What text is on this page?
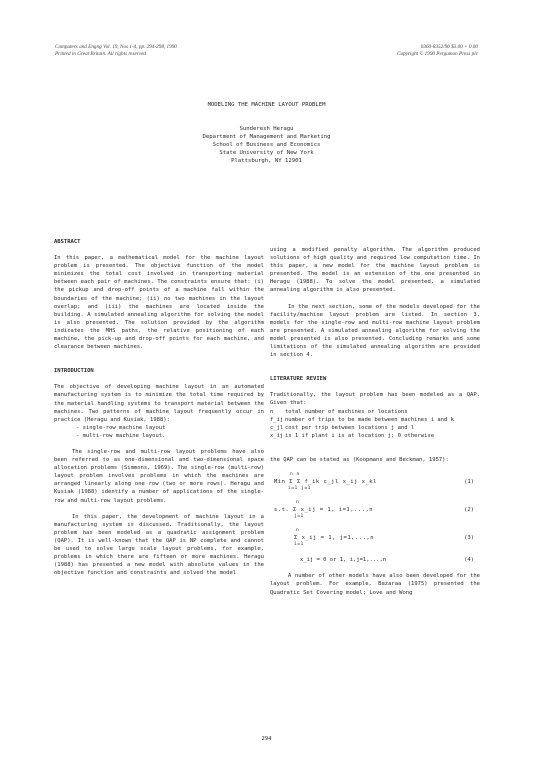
Computers and Engng Vol. 19, Nos 1-4, pp. 294-298, 1990
Printed in Great Britain. All rights reserved
0360-8352/90 $3.00 + 0.00
Copyright © 1990 Pergamon Press plc
MODELING THE MACHINE LAYOUT PROBLEM
Sunderesh Heragu
Department of Management and Marketing
School of Business and Economics
State University of New York
Plattsburgh, NY 12901

ABSTRACT

In this paper, a mathematical model for the machine layout problem is presented. The objective function of the model minimizes the total cost involved in transporting material between each pair of machines. The constraints ensure that: (i) the pickup and drop-off points of a machine fall within the boundaries of the machine; (ii) no two machines in the layout overlap; and (iii) the machines are located inside the building. A simulated annealing algorithm for solving the model is also presented. The solution provided by the algorithm indicates the MHS paths, the relative positioning of each machine, the pick-up and drop-off points for each machine, and clearance between machines.

INTRODUCTION

The objective of developing machine layout in an automated manufacturing system is to minimize the total time required by the material handling systems to transport material between the machines. Two patterns of machine layout frequently occur in practice (Heragu and Kusiak, 1988):

- single-row machine layout

- multi-row machine layout.

The single-row and multi-row layout problems have also been referred to as one-dimensional and two-dimensional space allocation problems (Simmons, 1969). The single-row (multi-row) layout problem involves problems in which the machines are arranged linearly along one row (two or more rows). Heragu and Kusiak (1988) identify a number of applications of the single-row and multi-row layout problems.

In this paper, the development of machine layout in a manufacturing system is discussed. Traditionally, the layout problem has been modeled as a quadratic assignment problem (QAP). It is well-known that the QAP is NP complete and cannot be used to solve large scale layout problems, for example, problems in which there are fifteen or more machines. Heragu (1988) has presented a new model with absolute values in the objective function and constraints and solved the model

using a modified penalty algorithm. The algorithm produced solutions of high quality and required low computation time. In this paper, a new model for the machine layout problem is presented. The model is an extension of the one presented in Heragu (1988). To solve the model presented, a simulated annealing algorithm is also presented.

In the next section, some of the models developed for the facility/machine layout problem are listed. In section 3, models for the single-row and multi-row machine layout problem are presented. A simulated annealing algorithm for solving the model presented is also presented. Concluding remarks and some limitations of the simulated annealing algorithm are provided in section 4.

LITERATURE REVIEW

Traditionally, the layout problem has been modeled as a QAP. Given that:

n	total number of machines or locations
f_ij number of trips to be made between machines i and k
c_jl cost per trip between locations j and l
x_ij is 1 if plant i is at location j; 0 otherwise

the QAP can be stated as (Koopmans and Beckman, 1957):

n n
Min Σ Σ f_ik c_jl x_ij x_kl	(1)
i=1 j=1
n
s.t. Σ x_ij = 1, i=1,...,n	(2)
j=1
n
Σ x_ij = 1, j=1,...,n	(3)
i=1
x_ij = 0 or 1, i,j=1,...,n	(4)

A number of other models have also been developed for the layout problem. For example, Bazaraa (1975) presented the Quadratic Set Covering model; Love and Wong

294
